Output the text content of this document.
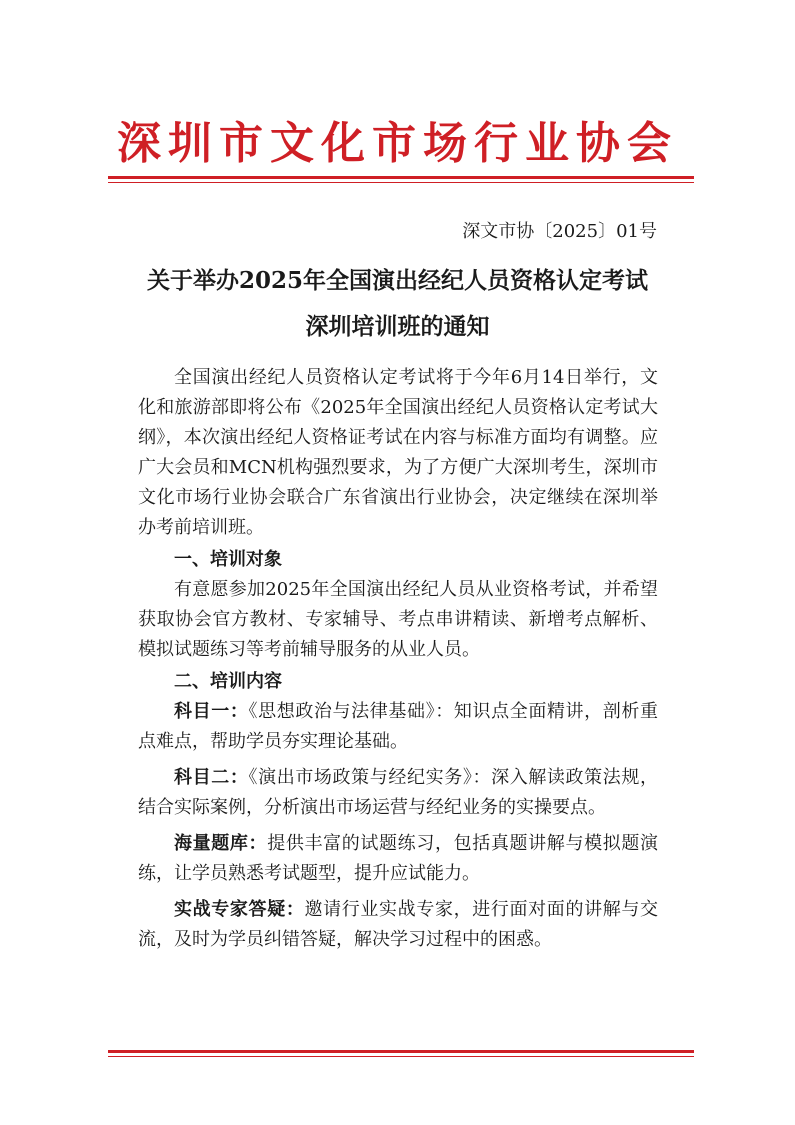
深圳市文化市场行业协会
深文市协〔2025〕01号
关于举办2025年全国演出经纪人员资格认定考试
深圳培训班的通知

全国演出经纪人员资格认定考试将于今年6月14日举行，文化和旅游部即将公布《2025年全国演出经纪人员资格认定考试大纲》，本次演出经纪人资格证考试在内容与标准方面均有调整。应广大会员和MCN机构强烈要求，为了方便广大深圳考生，深圳市文化市场行业协会联合广东省演出行业协会，决定继续在深圳举办考前培训班。

一、培训对象

有意愿参加2025年全国演出经纪人员从业资格考试，并希望获取协会官方教材、专家辅导、考点串讲精读、新增考点解析、模拟试题练习等考前辅导服务的从业人员。

二、培训内容

科目一：《思想政治与法律基础》：知识点全面精讲，剖析重点难点，帮助学员夯实理论基础。

科目二：《演出市场政策与经纪实务》：深入解读政策法规，结合实际案例，分析演出市场运营与经纪业务的实操要点。

海量题库：提供丰富的试题练习，包括真题讲解与模拟题演练，让学员熟悉考试题型，提升应试能力。

实战专家答疑：邀请行业实战专家，进行面对面的讲解与交流，及时为学员纠错答疑，解决学习过程中的困惑。
